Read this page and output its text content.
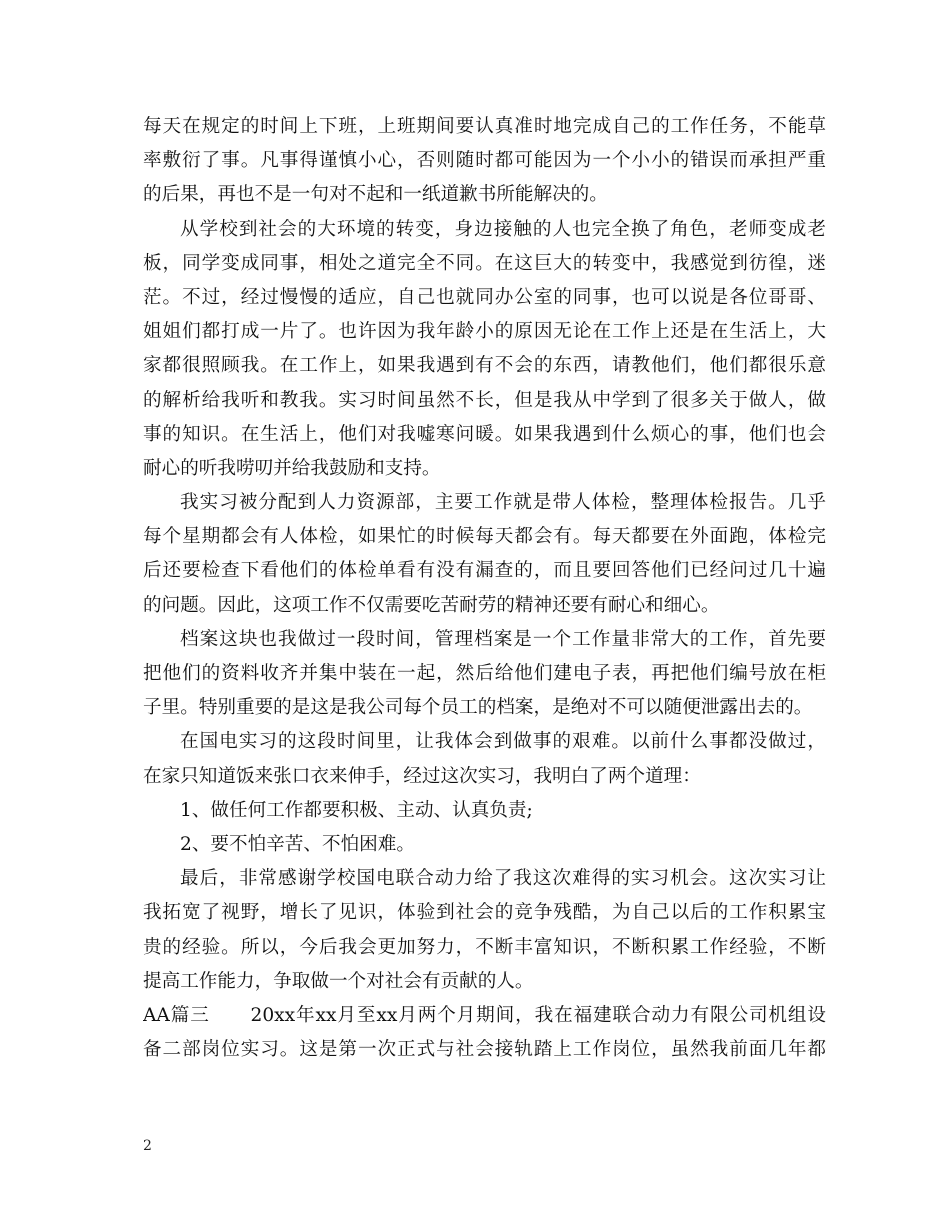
每天在规定的时间上下班，上班期间要认真准时地完成自己的工作任务，不能草
率敷衍了事。凡事得谨慎小心，否则随时都可能因为一个小小的错误而承担严重
的后果，再也不是一句对不起和一纸道歉书所能解决的。
从学校到社会的大环境的转变，身边接触的人也完全换了角色，老师变成老
板，同学变成同事，相处之道完全不同。在这巨大的转变中，我感觉到彷徨，迷
茫。不过，经过慢慢的适应，自己也就同办公室的同事，也可以说是各位哥哥、
姐姐们都打成一片了。也许因为我年龄小的原因无论在工作上还是在生活上，大
家都很照顾我。在工作上，如果我遇到有不会的东西，请教他们，他们都很乐意
的解析给我听和教我。实习时间虽然不长，但是我从中学到了很多关于做人，做
事的知识。在生活上，他们对我嘘寒问暖。如果我遇到什么烦心的事，他们也会
耐心的听我唠叨并给我鼓励和支持。
我实习被分配到人力资源部，主要工作就是带人体检，整理体检报告。几乎
每个星期都会有人体检，如果忙的时候每天都会有。每天都要在外面跑，体检完
后还要检查下看他们的体检单看有没有漏查的，而且要回答他们已经问过几十遍
的问题。因此，这项工作不仅需要吃苦耐劳的精神还要有耐心和细心。
档案这块也我做过一段时间，管理档案是一个工作量非常大的工作，首先要
把他们的资料收齐并集中装在一起，然后给他们建电子表，再把他们编号放在柜
子里。特别重要的是这是我公司每个员工的档案，是绝对不可以随便泄露出去的。
在国电实习的这段时间里，让我体会到做事的艰难。以前什么事都没做过，
在家只知道饭来张口衣来伸手，经过这次实习，我明白了两个道理：
1、做任何工作都要积极、主动、认真负责;
2、要不怕辛苦、不怕困难。
最后，非常感谢学校国电联合动力给了我这次难得的实习机会。这次实习让
我拓宽了视野，增长了见识，体验到社会的竞争残酷，为自己以后的工作积累宝
贵的经验。所以，今后我会更加努力，不断丰富知识，不断积累工作经验，不断
提高工作能力，争取做一个对社会有贡献的人。
AA篇三      20xx年xx月至xx月两个月期间，我在福建联合动力有限公司机组设
备二部岗位实习。这是第一次正式与社会接轨踏上工作岗位，虽然我前面几年都
2
